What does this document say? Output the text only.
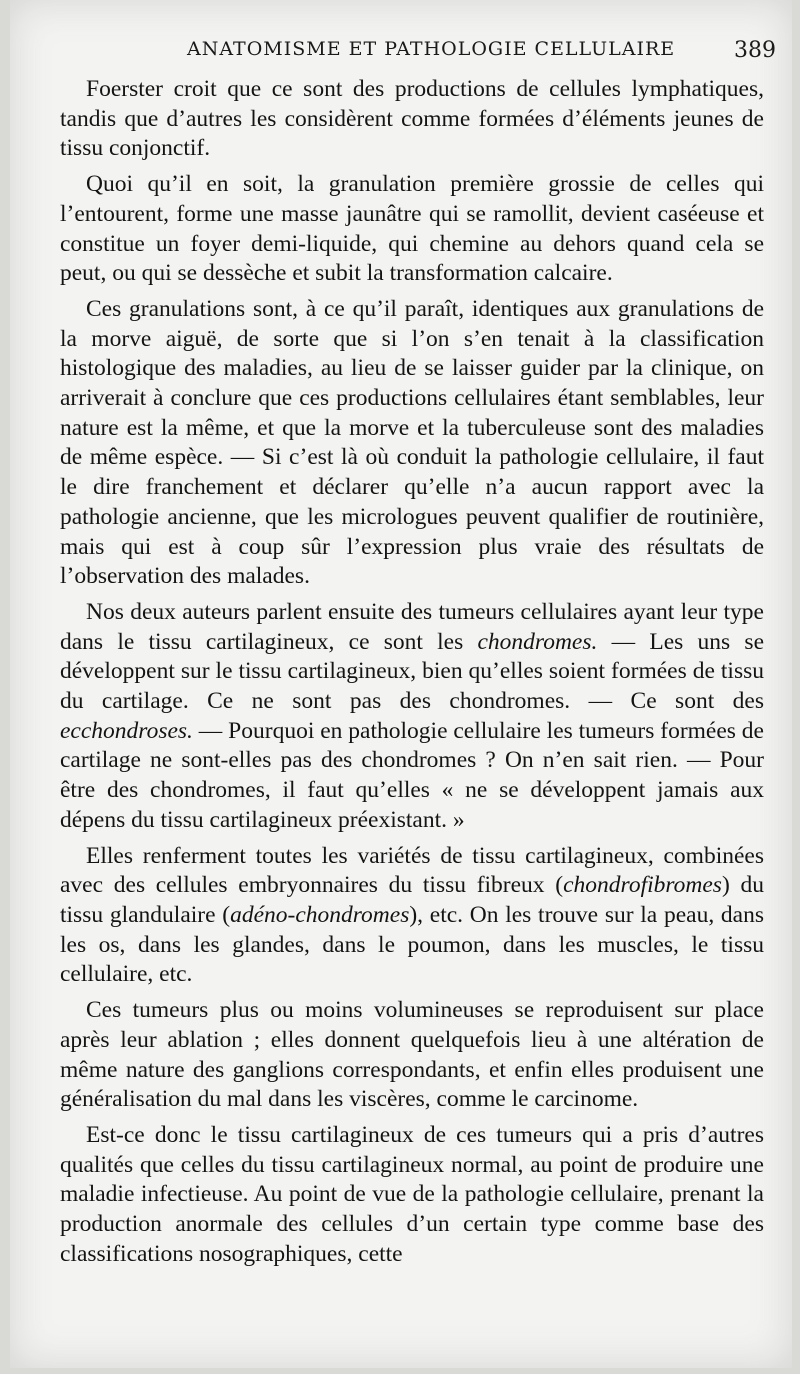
ANATOMISME ET PATHOLOGIE CELLULAIRE	389

Foerster croit que ce sont des productions de cellules lymphatiques, tandis que d’autres les considèrent comme formées d’éléments jeunes de tissu conjonctif.

Quoi qu’il en soit, la granulation première grossie de celles qui l’entourent, forme une masse jaunâtre qui se ramollit, devient caséeuse et constitue un foyer demi-liquide, qui chemine au dehors quand cela se peut, ou qui se dessèche et subit la transformation calcaire.

Ces granulations sont, à ce qu’il paraît, identiques aux granulations de la morve aiguë, de sorte que si l’on s’en tenait à la classification histologique des maladies, au lieu de se laisser guider par la clinique, on arriverait à conclure que ces productions cellulaires étant semblables, leur nature est la même, et que la morve et la tuberculeuse sont des maladies de même espèce. — Si c’est là où conduit la pathologie cellulaire, il faut le dire franchement et déclarer qu’elle n’a aucun rapport avec la pathologie ancienne, que les micrologues peuvent qualifier de routinière, mais qui est à coup sûr l’expression plus vraie des résultats de l’observation des malades.

Nos deux auteurs parlent ensuite des tumeurs cellulaires ayant leur type dans le tissu cartilagineux, ce sont les chondromes. — Les uns se développent sur le tissu cartilagineux, bien qu’elles soient formées de tissu du cartilage. Ce ne sont pas des chondromes. — Ce sont des ecchondroses. — Pourquoi en pathologie cellulaire les tumeurs formées de cartilage ne sont-elles pas des chondromes ? On n’en sait rien. — Pour être des chondromes, il faut qu’elles « ne se développent jamais aux dépens du tissu cartilagineux préexistant. »

Elles renferment toutes les variétés de tissu cartilagineux, combinées avec des cellules embryonnaires du tissu fibreux (chondrofibromes) du tissu glandulaire (adéno-chondromes), etc. On les trouve sur la peau, dans les os, dans les glandes, dans le poumon, dans les muscles, le tissu cellulaire, etc.

Ces tumeurs plus ou moins volumineuses se reproduisent sur place après leur ablation ; elles donnent quelquefois lieu à une altération de même nature des ganglions correspondants, et enfin elles produisent une généralisation du mal dans les viscères, comme le carcinome.

Est-ce donc le tissu cartilagineux de ces tumeurs qui a pris d’autres qualités que celles du tissu cartilagineux normal, au point de produire une maladie infectieuse. Au point de vue de la pathologie cellulaire, prenant la production anormale des cellules d’un certain type comme base des classifications nosographiques, cette
